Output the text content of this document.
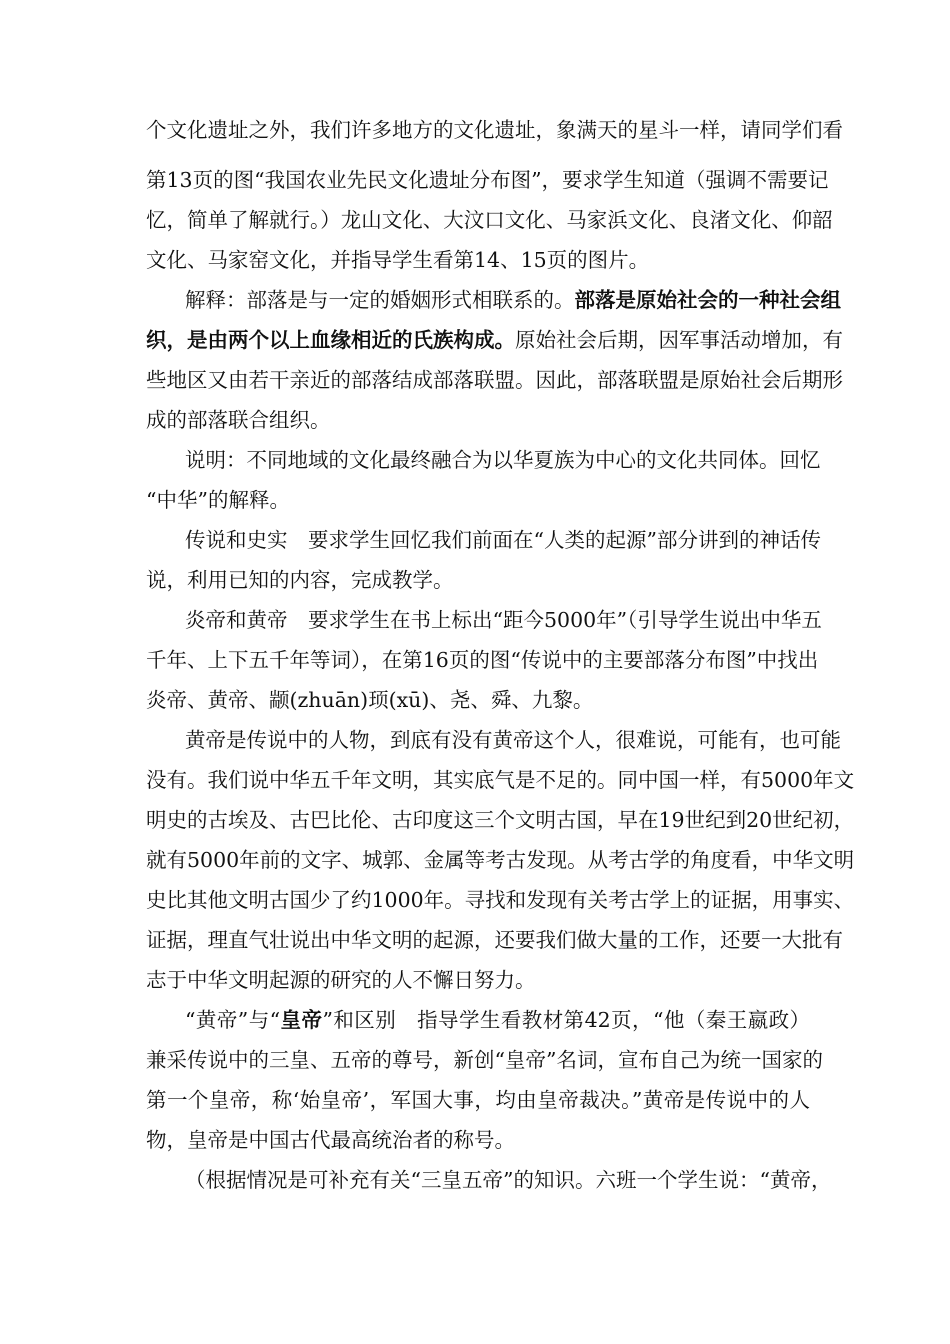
个文化遗址之外，我们许多地方的文化遗址，象满天的星斗一样，请同学们看
第13页的图“我国农业先民文化遗址分布图”，要求学生知道（强调不需要记
忆，简单了解就行。）龙山文化、大汶口文化、马家浜文化、良渚文化、仰韶
文化、马家窑文化，并指导学生看第14、15页的图片。
解释：部落是与一定的婚姻形式相联系的。部落是原始社会的一种社会组
织，是由两个以上血缘相近的氏族构成。原始社会后期，因军事活动增加，有
些地区又由若干亲近的部落结成部落联盟。因此，部落联盟是原始社会后期形
成的部落联合组织。
说明：不同地域的文化最终融合为以华夏族为中心的文化共同体。回忆
“中华”的解释。
传说和史实　要求学生回忆我们前面在“人类的起源”部分讲到的神话传
说，利用已知的内容，完成教学。
炎帝和黄帝　要求学生在书上标出“距今5000年”（引导学生说出中华五
千年、上下五千年等词），在第16页的图“传说中的主要部落分布图”中找出
炎帝、黄帝、颛(zhuān)顼(xū)、尧、舜、九黎。
黄帝是传说中的人物，到底有没有黄帝这个人，很难说，可能有，也可能
没有。我们说中华五千年文明，其实底气是不足的。同中国一样，有5000年文
明史的古埃及、古巴比伦、古印度这三个文明古国，早在19世纪到20世纪初，
就有5000年前的文字、城郭、金属等考古发现。从考古学的角度看，中华文明
史比其他文明古国少了约1000年。寻找和发现有关考古学上的证据，用事实、
证据，理直气壮说出中华文明的起源，还要我们做大量的工作，还要一大批有
志于中华文明起源的研究的人不懈日努力。
“黄帝”与“皇帝”和区别　指导学生看教材第42页，“他（秦王嬴政）
兼采传说中的三皇、五帝的尊号，新创“皇帝”名词，宣布自己为统一国家的
第一个皇帝，称‘始皇帝’，军国大事，均由皇帝裁决。”黄帝是传说中的人
物，皇帝是中国古代最高统治者的称号。
（根据情况是可补充有关“三皇五帝”的知识。六班一个学生说：“黄帝，
